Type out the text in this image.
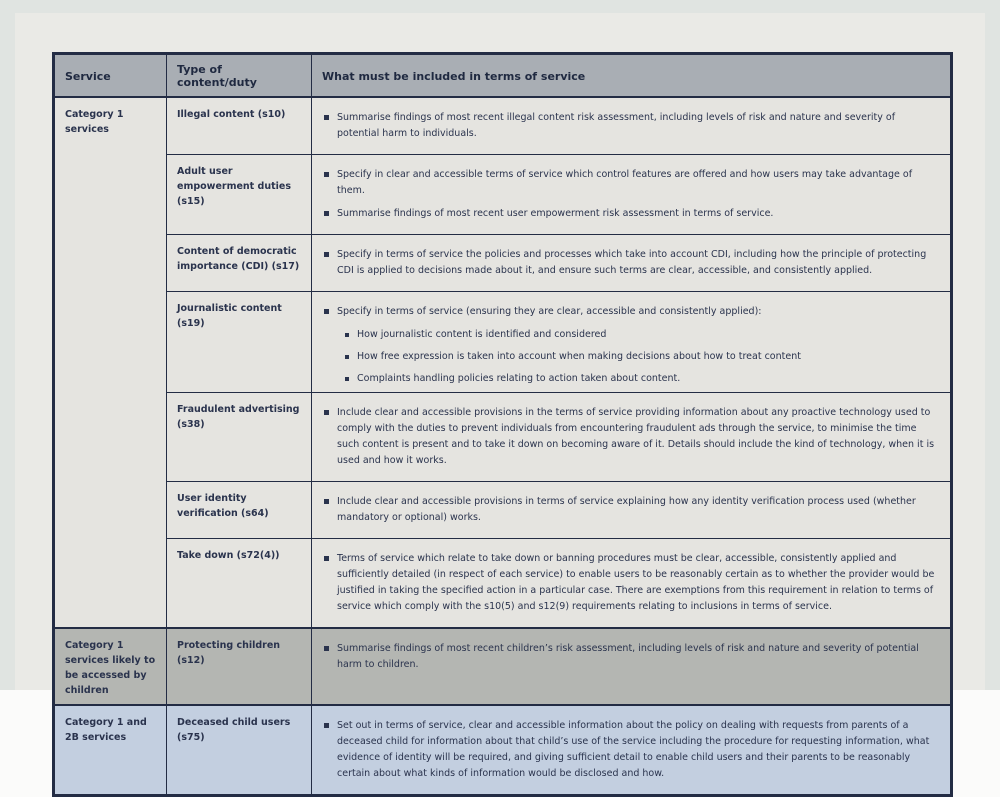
Service	Type of content/duty	What must be included in terms of service
Category 1 services	Illegal content (s10)	Summarise findings of most recent illegal content risk assessment, including levels of risk and nature and severity of potential harm to individuals.

	Adult user empowerment duties (s15)	Specify in clear and accessible terms of service which control features are offered and how users may take advantage of them.
Summarise findings of most recent user empowerment risk assessment in terms of service.

	Content of democratic importance (CDI) (s17)	Specify in terms of service the policies and processes which take into account CDI, including how the principle of protecting CDI is applied to decisions made about it, and ensure such terms are clear, accessible, and consistently applied.

	Journalistic content (s19)	Specify in terms of service (ensuring they are clear, accessible and consistently applied):
How journalistic content is identified and considered
How free expression is taken into account when making decisions about how to treat content
Complaints handling policies relating to action taken about content.

	Fraudulent advertising (s38)	Include clear and accessible provisions in the terms of service providing information about any proactive technology used to comply with the duties to prevent individuals from encountering fraudulent ads through the service, to minimise the time such content is present and to take it down on becoming aware of it. Details should include the kind of technology, when it is used and how it works.

	User identity verification (s64)	Include clear and accessible provisions in terms of service explaining how any identity verification process used (whether mandatory or optional) works.

	Take down (s72(4))	Terms of service which relate to take down or banning procedures must be clear, accessible, consistently applied and sufficiently detailed (in respect of each service) to enable users to be reasonably certain as to whether the provider would be justified in taking the specified action in a particular case. There are exemptions from this requirement in relation to terms of service which comply with the s10(5) and s12(9) requirements relating to inclusions in terms of service.

Category 1 services likely to be accessed by children	Protecting children (s12)	Summarise findings of most recent children’s risk assessment, including levels of risk and nature and severity of potential harm to children.

Category 1 and 2B services	Deceased child users (s75)	Set out in terms of service, clear and accessible information about the policy on dealing with requests from parents of a deceased child for information about that child’s use of the service including the procedure for requesting information, what evidence of identity will be required, and giving sufficient detail to enable child users and their parents to be reasonably certain about what kinds of information would be disclosed and how.
